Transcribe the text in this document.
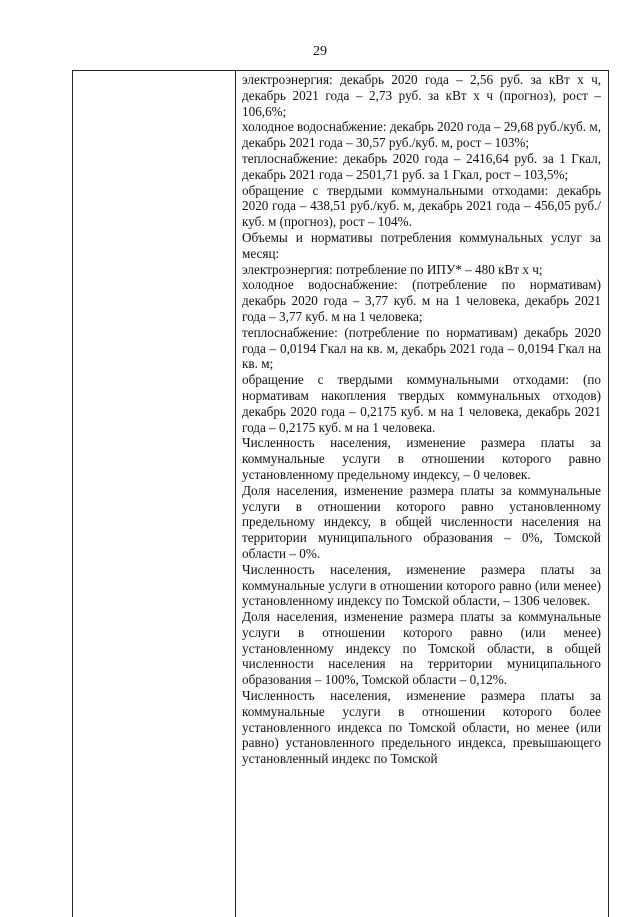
29

электроэнергия: декабрь 2020 года – 2,56 руб. за кВт х ч, декабрь 2021 года – 2,73 руб. за кВт х ч (прогноз), рост – 106,6%;

холодное водоснабжение: декабрь 2020 года – 29,68 руб./куб. м, декабрь 2021 года – 30,57 руб./куб. м, рост – 103%;

теплоснабжение: декабрь 2020 года – 2416,64 руб. за 1 Гкал, декабрь 2021 года – 2501,71 руб. за 1 Гкал, рост – 103,5%;

обращение с твердыми коммунальными отходами: декабрь 2020 года – 438,51 руб./куб. м, декабрь 2021 года – 456,05 руб./куб. м (прогноз), рост – 104%.

Объемы и нормативы потребления коммунальных услуг за месяц:

электроэнергия: потребление по ИПУ* – 480 кВт х ч;

холодное водоснабжение: (потребление по нормативам) декабрь 2020 года – 3,77 куб. м на 1 человека, декабрь 2021 года – 3,77 куб. м на 1 человека;

теплоснабжение: (потребление по нормативам) декабрь 2020 года – 0,0194 Гкал на кв. м, декабрь 2021 года – 0,0194 Гкал на кв. м;

обращение с твердыми коммунальными отходами: (по нормативам накопления твердых коммунальных отходов) декабрь 2020 года – 0,2175 куб. м на 1 человека, декабрь 2021 года – 0,2175 куб. м на 1 человека.

Численность населения, изменение размера платы за коммунальные услуги в отношении которого равно установленному предельному индексу, – 0 человек.

Доля населения, изменение размера платы за коммунальные услуги в отношении которого равно установленному предельному индексу, в общей численности населения на территории муниципального образования – 0%, Томской области – 0%.

Численность населения, изменение размера платы за коммунальные услуги в отношении которого равно (или менее) установленному индексу по Томской области, – 1306 человек.

Доля населения, изменение размера платы за коммунальные услуги в отношении которого равно (или менее) установленному индексу по Томской области, в общей численности населения на территории муниципального образования – 100%, Томской области – 0,12%.

Численность населения, изменение размера платы за коммунальные услуги в отношении которого более установленного индекса по Томской области, но менее (или равно) установленного предельного индекса, превышающего установленный индекс по Томской
